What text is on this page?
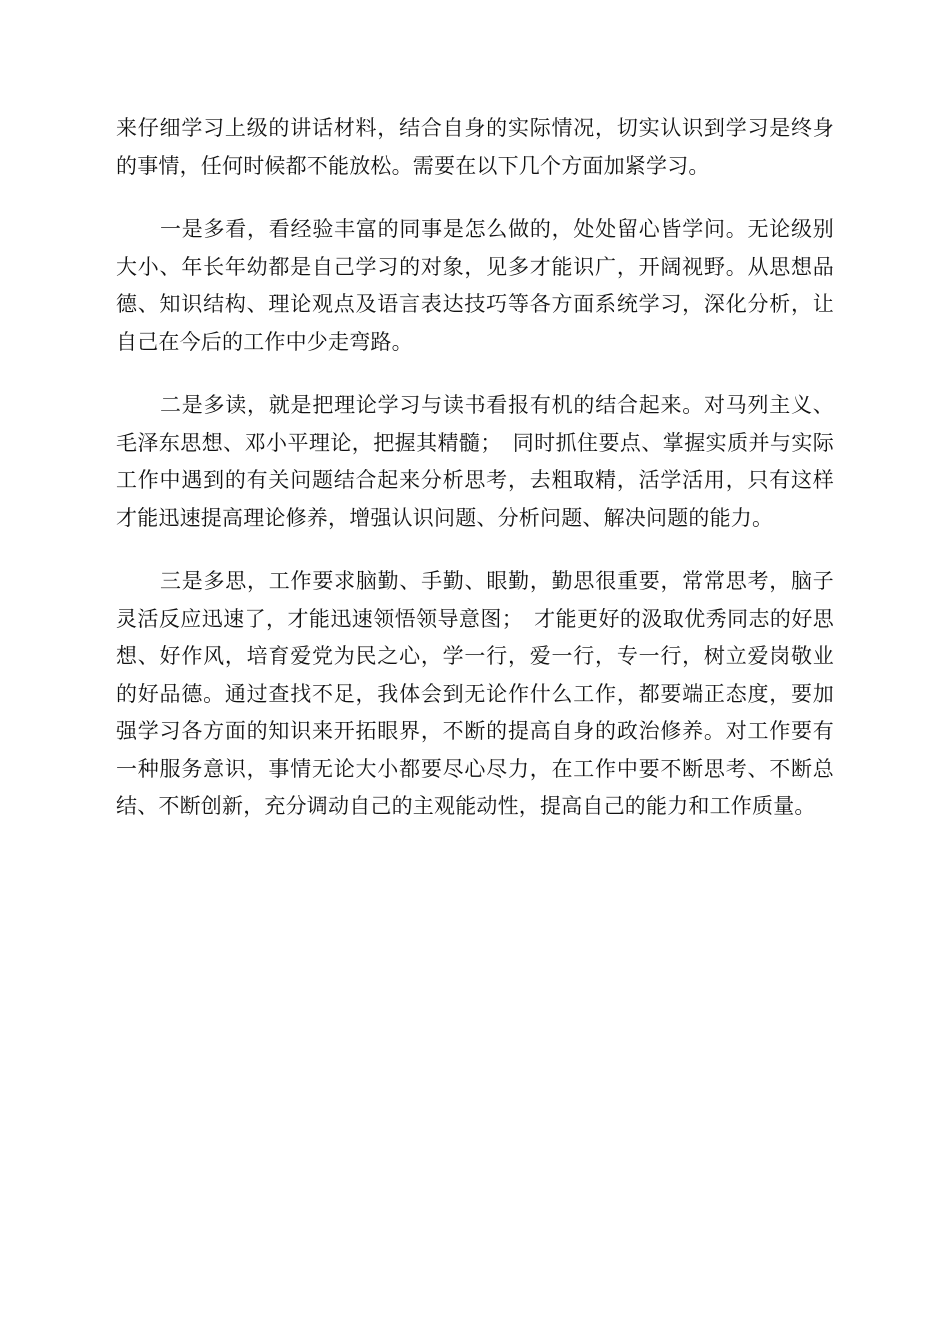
来仔细学习上级的讲话材料，结合自身的实际情况，切实认识到学习是终身的事情，任何时候都不能放松。需要在以下几个方面加紧学习。

一是多看，看经验丰富的同事是怎么做的，处处留心皆学问。无论级别大小、年长年幼都是自己学习的对象，见多才能识广，开阔视野。从思想品德、知识结构、理论观点及语言表达技巧等各方面系统学习，深化分析，让自己在今后的工作中少走弯路。

二是多读，就是把理论学习与读书看报有机的结合起来。对马列主义、毛泽东思想、邓小平理论，把握其精髓；　同时抓住要点、掌握实质并与实际工作中遇到的有关问题结合起来分析思考，去粗取精，活学活用，只有这样才能迅速提高理论修养，增强认识问题、分析问题、解决问题的能力。

三是多思，工作要求脑勤、手勤、眼勤，勤思很重要，常常思考，脑子灵活反应迅速了，才能迅速领悟领导意图；　才能更好的汲取优秀同志的好思想、好作风，培育爱党为民之心，学一行，爱一行，专一行，树立爱岗敬业的好品德。通过查找不足，我体会到无论作什么工作，都要端正态度，要加强学习各方面的知识来开拓眼界，不断的提高自身的政治修养。对工作要有一种服务意识，事情无论大小都要尽心尽力，在工作中要不断思考、不断总结、不断创新，充分调动自己的主观能动性，提高自己的能力和工作质量。
